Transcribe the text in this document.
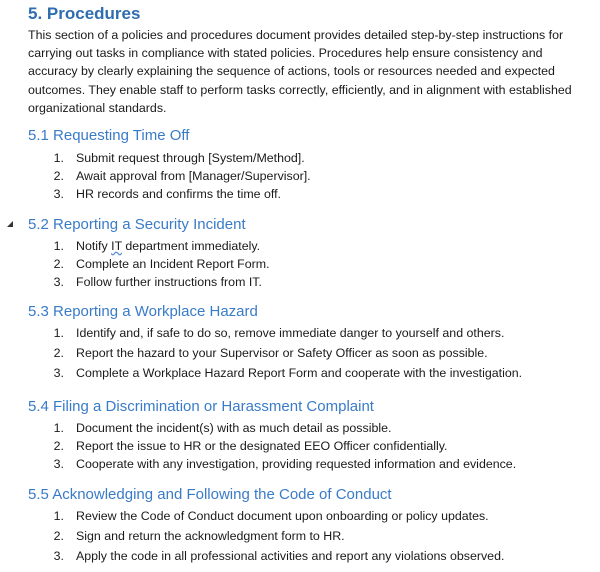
5. Procedures

This section of a policies and procedures document provides detailed step-by-step instructions for carrying out tasks in compliance with stated policies. Procedures help ensure consistency and accuracy by clearly explaining the sequence of actions, tools or resources needed and expected outcomes. They enable staff to perform tasks correctly, efficiently, and in alignment with established organizational standards.

5.1 Requesting Time Off
1. Submit request through [System/Method].
2. Await approval from [Manager/Supervisor].
3. HR records and confirms the time off.
5.2 Reporting a Security Incident
1. Notify IT department immediately.
2. Complete an Incident Report Form.
3. Follow further instructions from IT.
5.3 Reporting a Workplace Hazard
1. Identify and, if safe to do so, remove immediate danger to yourself and others.
2. Report the hazard to your Supervisor or Safety Officer as soon as possible.
3. Complete a Workplace Hazard Report Form and cooperate with the investigation.
5.4 Filing a Discrimination or Harassment Complaint
1. Document the incident(s) with as much detail as possible.
2. Report the issue to HR or the designated EEO Officer confidentially.
3. Cooperate with any investigation, providing requested information and evidence.
5.5 Acknowledging and Following the Code of Conduct
1. Review the Code of Conduct document upon onboarding or policy updates.
2. Sign and return the acknowledgment form to HR.
3. Apply the code in all professional activities and report any violations observed.
